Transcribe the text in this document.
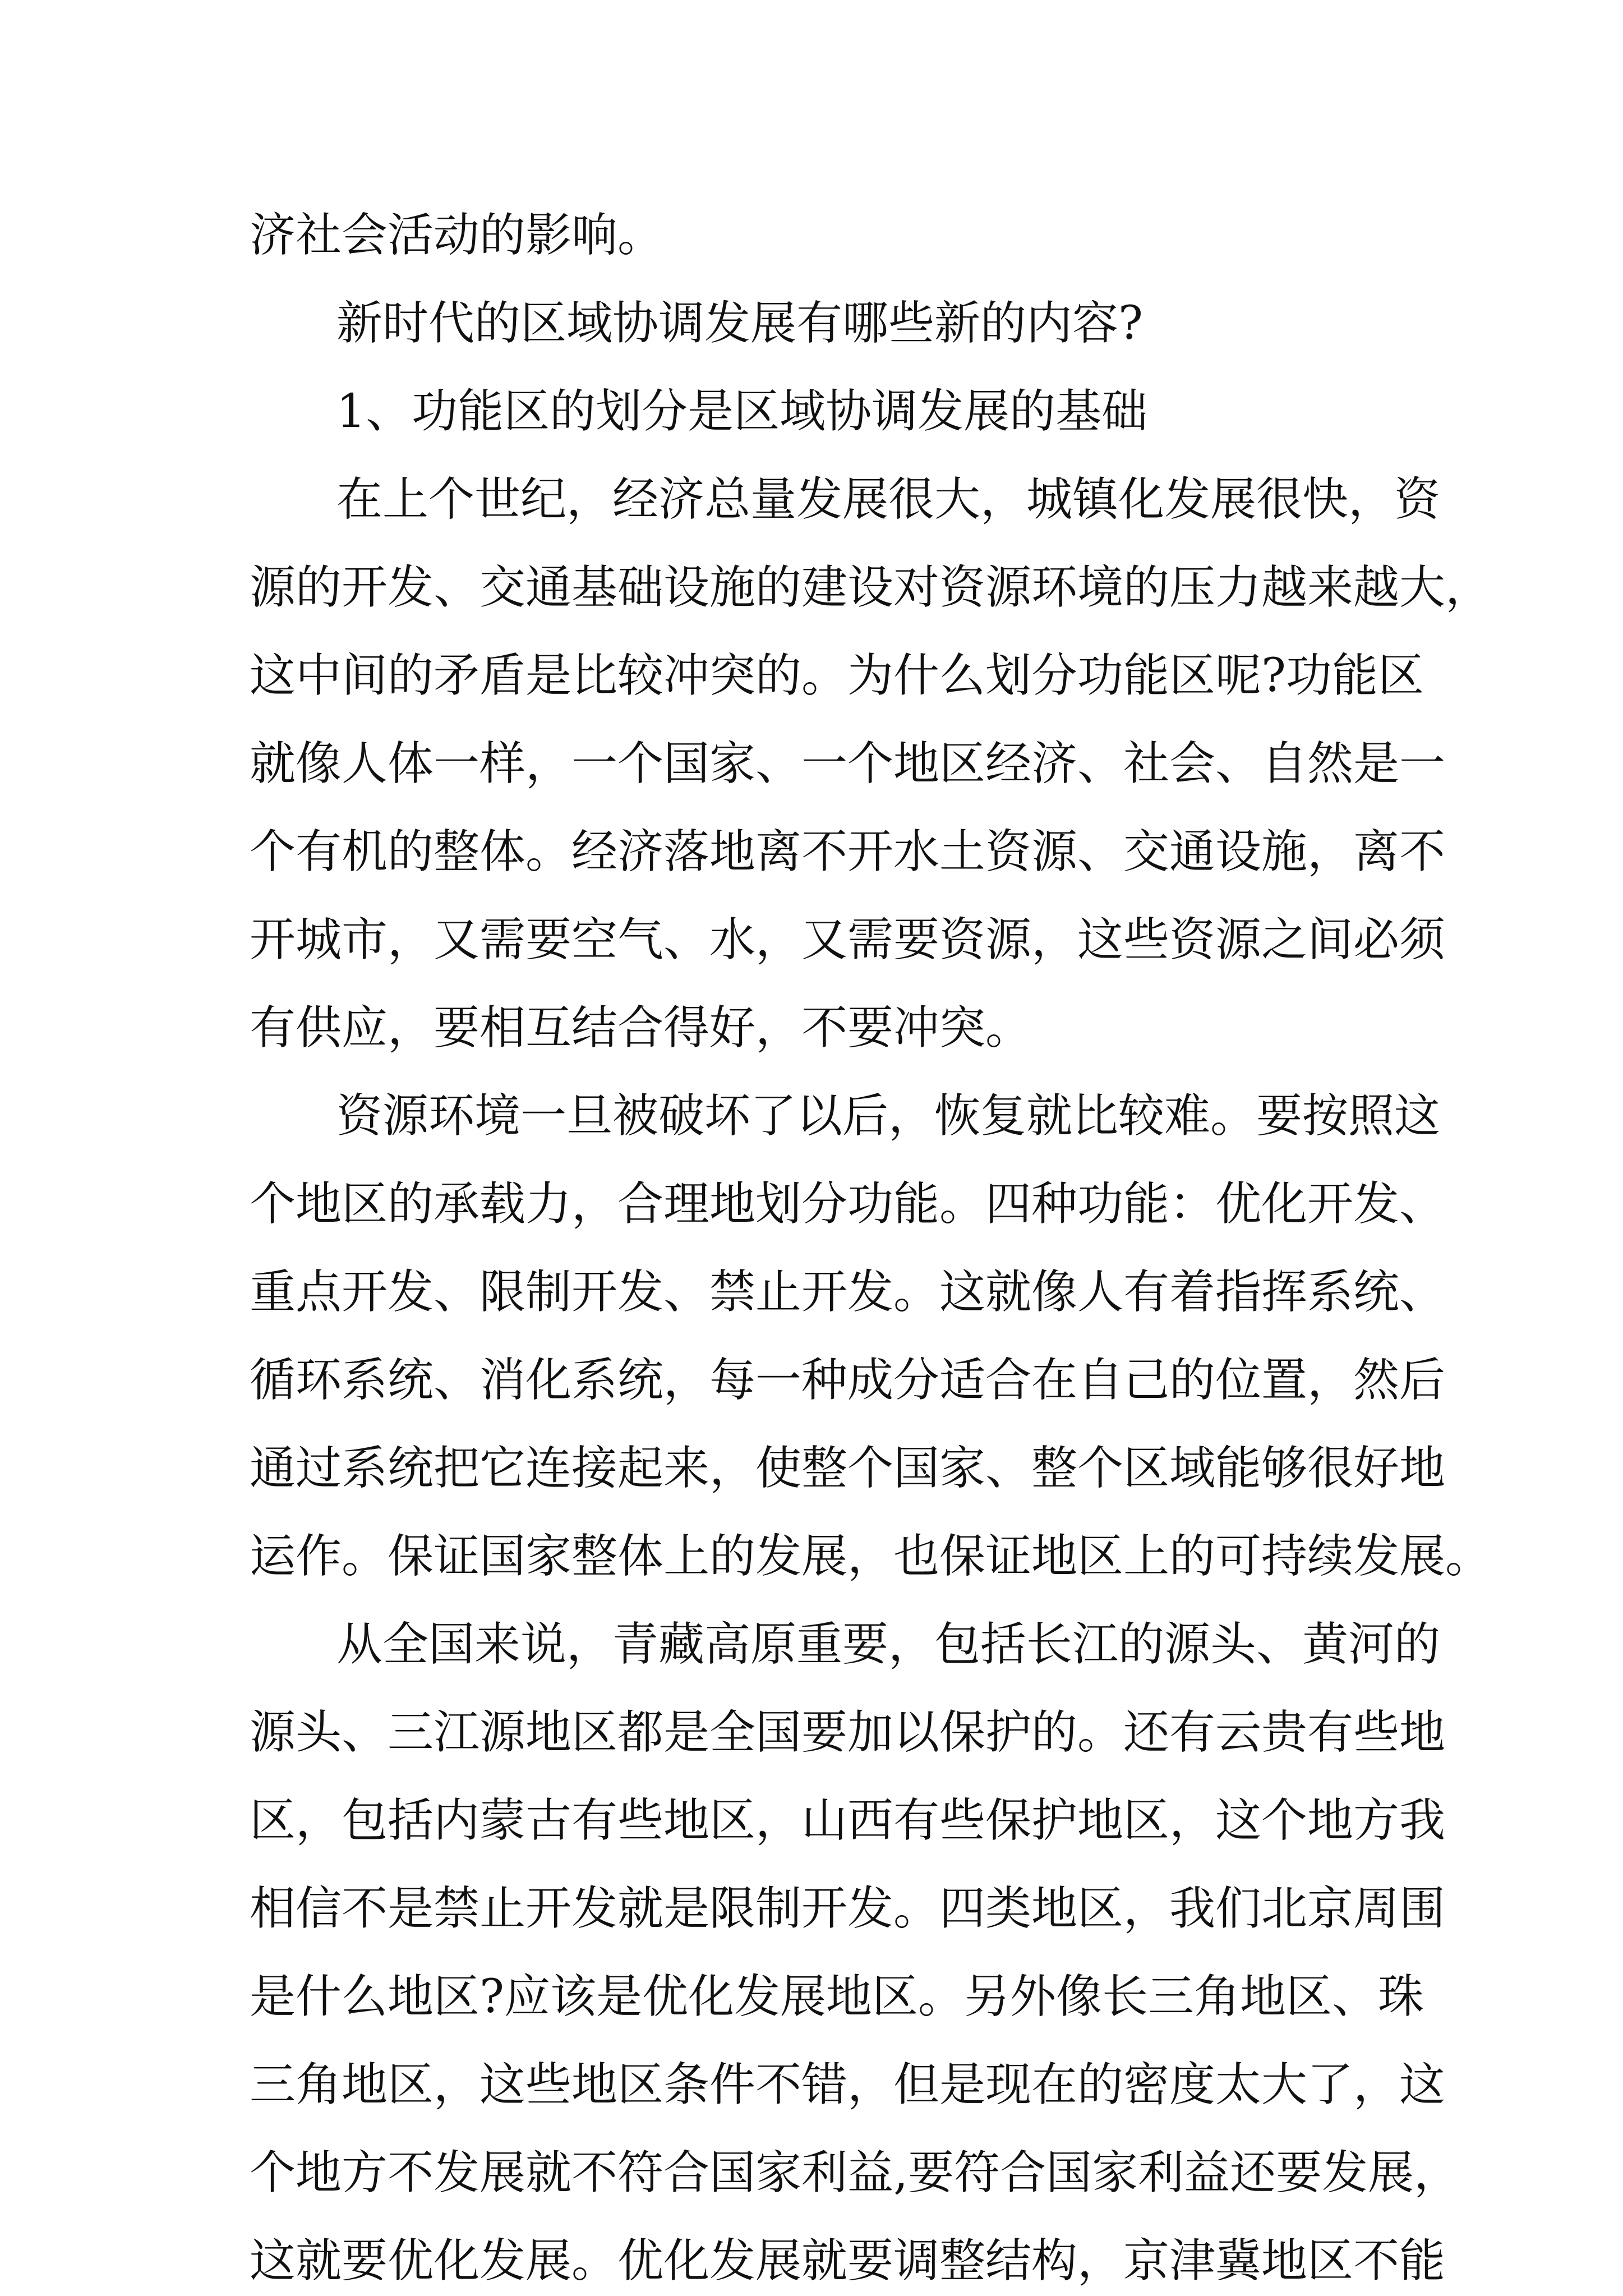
济社会活动的影响。
新时代的区域协调发展有哪些新的内容?
1、功能区的划分是区域协调发展的基础
在上个世纪，经济总量发展很大，城镇化发展很快，资
源的开发、交通基础设施的建设对资源环境的压力越来越大，
这中间的矛盾是比较冲突的。为什么划分功能区呢?功能区
就像人体一样，一个国家、一个地区经济、社会、自然是一
个有机的整体。经济落地离不开水土资源、交通设施，离不
开城市，又需要空气、水，又需要资源，这些资源之间必须
有供应，要相互结合得好，不要冲突。
资源环境一旦被破坏了以后，恢复就比较难。要按照这
个地区的承载力，合理地划分功能。四种功能：优化开发、
重点开发、限制开发、禁止开发。这就像人有着指挥系统、
循环系统、消化系统，每一种成分适合在自己的位置，然后
通过系统把它连接起来，使整个国家、整个区域能够很好地
运作。保证国家整体上的发展，也保证地区上的可持续发展。
从全国来说，青藏高原重要，包括长江的源头、黄河的
源头、三江源地区都是全国要加以保护的。还有云贵有些地
区，包括内蒙古有些地区，山西有些保护地区，这个地方我
相信不是禁止开发就是限制开发。四类地区，我们北京周围
是什么地区?应该是优化发展地区。另外像长三角地区、珠
三角地区，这些地区条件不错，但是现在的密度太大了，这
个地方不发展就不符合国家利益,要符合国家利益还要发展，
这就要优化发展。优化发展就要调整结构，京津冀地区不能
